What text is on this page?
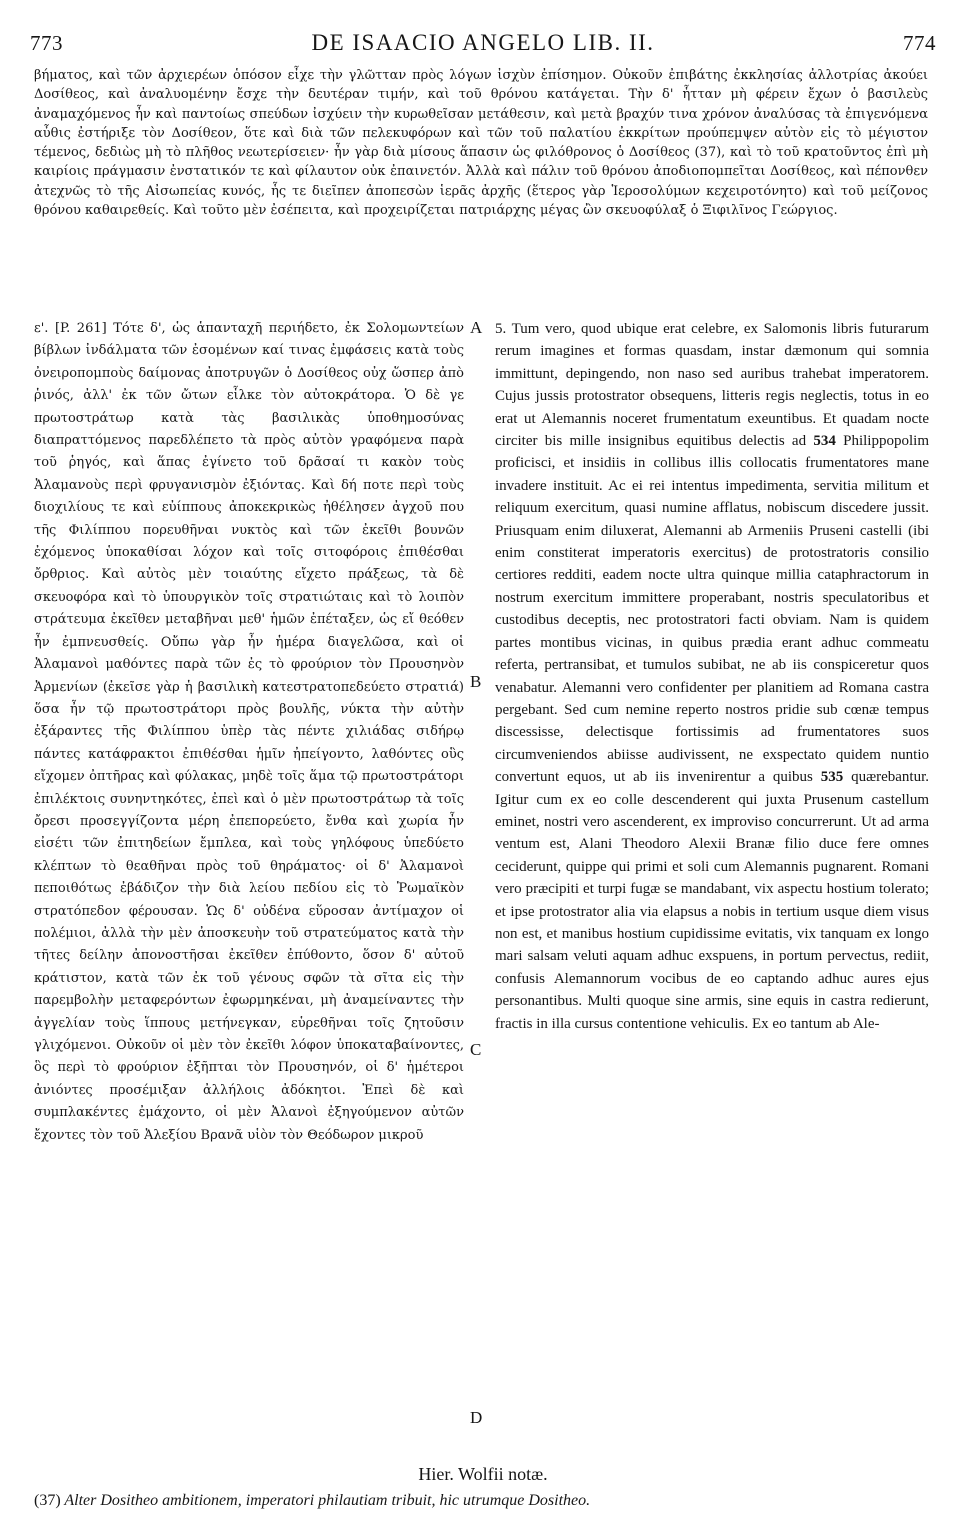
773	DE ISAACIO ANGELO LIB. II.	774

βήματος, καὶ τῶν ἀρχιερέων ὁπόσον εἶχε τὴν γλῶτταν πρὸς λόγων ἰσχὺν ἐπίσημον. Οὐκοῦν ἐπιβάτης ἐκκλησίας ἀλλοτρίας ἀκούει Δοσίθεος, καὶ ἀναλυομένην ἔσχε τὴν δευτέραν τιμήν, καὶ τοῦ θρόνου κατάγεται. Τὴν δ' ἧτταν μὴ φέρειν ἔχων ὁ βασιλεὺς ἀναμαχόμενος ἦν καὶ παντοίως σπεύδων ἰσχύειν τὴν κυρωθεῖσαν μετάθεσιν, καὶ μετὰ βραχύν τινα χρόνον ἀναλύσας τὰ ἐπιγενόμενα αὖθις ἐστήριξε τὸν Δοσίθεον, ὅτε καὶ διὰ τῶν πελεκυφόρων καὶ τῶν τοῦ παλατίου ἐκκρίτων προύπεμψεν αὐτὸν εἰς τὸ μέγιστον τέμενος, δεδιὼς μὴ τὸ πλῆθος νεωτερίσειεν· ἦν γὰρ διὰ μίσους ἅπασιν ὡς φιλόθρονος ὁ Δοσίθεος (37), καὶ τὸ τοῦ κρατοῦντος ἐπὶ μὴ καιρίοις πράγμασιν ἐνστατικόν τε καὶ φίλαυτον οὐκ ἐπαινετόν. Ἀλλὰ καὶ πάλιν τοῦ θρόνου ἀποδιοπομπεῖται Δοσίθεος, καὶ πέπονθεν ἀτεχνῶς τὸ τῆς Αἰσωπείας κυνός, ἧς τε διεῖπεν ἀποπεσὼν ἱερᾶς ἀρχῆς (ἕτερος γὰρ Ἱεροσολύμων κεχειροτόνητο) καὶ τοῦ μείζονος θρόνου καθαιρεθείς. Καὶ τοῦτο μὲν ἐσέπειτα, καὶ προχειρίζεται πατριάρχης μέγας ὢν σκευοφύλαξ ὁ Ξιφιλῖνος Γεώργιος.

ε'. [P. 261] Τότε δ', ὡς ἁπανταχῆ περιήδετο, ἐκ Σολομωντείων βίβλων ἰνδάλματα τῶν ἐσομένων καί τινας ἐμφάσεις κατὰ τοὺς ὀνειροπομποὺς δαίμονας ἀποτρυγῶν ὁ Δοσίθεος οὐχ ὥσπερ ἀπὸ ῥινός, ἀλλ' ἐκ τῶν ὤτων εἷλκε τὸν αὐτοκράτορα. Ὁ δὲ γε πρωτοστράτωρ κατὰ τὰς βασιλικὰς ὑποθημοσύνας διαπραττόμενος παρεδλέπετο τὰ πρὸς αὐτὸν γραφόμενα παρὰ τοῦ ῥηγός, καὶ ἅπας ἐγίνετο τοῦ δρᾶσαί τι κακὸν τοὺς Ἀλαμανοὺς περὶ φρυγανισμὸν ἐξιόντας. Καὶ δή ποτε περὶ τοὺς διοχιλίους τε καὶ εὐίππους ἀποκεκρικὼς ἠθέλησεν ἀγχοῦ που τῆς Φιλίππου πορευθῆναι νυκτὸς καὶ τῶν ἐκεῖθι βουνῶν ἐχόμενος ὑποκαθίσαι λόχον καὶ τοῖς σιτοφόροις ἐπιθέσθαι ὄρθριος. Καὶ αὐτὸς μὲν τοιαύτης εἴχετο πράξεως, τὰ δὲ σκευοφόρα καὶ τὸ ὑπουργικὸν τοῖς στρατιώταις καὶ τὸ λοιπὸν στράτευμα ἐκεῖθεν μεταβῆναι μεθ' ἡμῶν ἐπέταξεν, ὡς εἴ θεόθεν ἦν ἐμπνευσθείς. Οὔπω γὰρ ἦν ἡμέρα διαγελῶσα, καὶ οἱ Ἀλαμανοὶ μαθόντες παρὰ τῶν ἐς τὸ φρούριον τὸν Προυσηνὸν Ἀρμενίων (ἐκεῖσε γὰρ ἡ βασιλικὴ κατεστρατοπεδεύετο στρατιά) ὅσα ἦν τῷ πρωτοστράτορι πρὸς βουλῆς, νύκτα τὴν αὐτὴν ἐξάραντες τῆς Φιλίππου ὑπὲρ τὰς πέντε χιλιάδας σιδήρῳ πάντες κατάφρακτοι ἐπιθέσθαι ἡμῖν ἠπείγοντο, λαθόντες οὓς εἴχομεν ὀπτῆρας καὶ φύλακας, μηδὲ τοῖς ἅμα τῷ πρωτοστράτορι ἐπιλέκτοις συνηντηκότες, ἐπεὶ καὶ ὁ μὲν πρωτοστράτωρ τὰ τοῖς ὄρεσι προσεγγίζοντα μέρη ἐπεπορεύετο, ἔνθα καὶ χωρία ἦν εἰσέτι τῶν ἐπιτηδείων ἔμπλεα, καὶ τοὺς γηλόφους ὑπεδύετο κλέπτων τὸ θεαθῆναι πρὸς τοῦ θηράματος· οἱ δ' Ἀλαμανοὶ πεποιθότως ἐβάδιζον τὴν διὰ λείου πεδίου εἰς τὸ Ῥωμαϊκὸν στρατόπεδον φέρουσαν. Ὡς δ' οὐδένα εὕροσαν ἀντίμαχον οἱ πολέμιοι, ἀλλὰ τὴν μὲν ἀποσκευὴν τοῦ στρατεύματος κατὰ τὴν τῆτες δείλην ἀπονοστῆσαι ἐκεῖθεν ἐπύθοντο, ὅσον δ' αὐτοῦ κράτιστον, κατὰ τῶν ἐκ τοῦ γένους σφῶν τὰ σῖτα εἰς τὴν παρεμβολὴν μεταφερόντων ἐφωρμηκέναι, μὴ ἀναμείναντες τὴν ἀγγελίαν τοὺς ἵππους μετήνεγκαν, εὑρεθῆναι τοῖς ζητοῦσιν γλιχόμενοι. Οὐκοῦν οἱ μὲν τὸν ἐκεῖθι λόφον ὑποκαταβαίνοντες, ὃς περὶ τὸ φρούριον ἐξῆπται τὸν Προυσηνόν, οἱ δ' ἡμέτεροι ἀνιόντες προσέμιξαν ἀλλήλοις ἀδόκητοι. Ἐπεὶ δὲ καὶ συμπλακέντες ἐμάχοντο, οἱ μὲν Ἀλανοὶ ἐξηγούμενον αὐτῶν ἔχοντες τὸν τοῦ Ἀλεξίου Βρανᾶ υἱὸν τὸν Θεόδωρον μικροῦ

5. Tum vero, quod ubique erat celebre, ex Salomonis libris futurarum rerum imagines et formas quasdam, instar dæmonum qui somnia immittunt, depingendo, non naso sed auribus trahebat imperatorem. Cujus jussis protostrator obsequens, litteris regis neglectis, totus in eo erat ut Alemannis noceret frumentatum exeuntibus. Et quadam nocte circiter bis mille insignibus equitibus delectis ad 534 Philippopolim proficisci, et insidiis in collibus illis collocatis frumentatores mane invadere instituit. Ac ei rei intentus impedimenta, servitia militum et reliquum exercitum, quasi numine afflatus, nobiscum discedere jussit. Priusquam enim diluxerat, Alemanni ab Armeniis Pruseni castelli (ibi enim constiterat imperatoris exercitus) de protostratoris consilio certiores redditi, eadem nocte ultra quinque millia cataphractorum in nostrum exercitum immittere properabant, nostris speculatoribus et custodibus deceptis, nec protostratori facti obviam. Nam is quidem partes montibus vicinas, in quibus prædia erant adhuc commeatu referta, pertransibat, et tumulos subibat, ne ab iis conspiceretur quos venabatur. Alemanni vero confidenter per planitiem ad Romana castra pergebant. Sed cum nemine reperto nostros pridie sub cœnæ tempus discessisse, delectisque fortissimis ad frumentatores suos circumveniendos abiisse audivissent, ne exspectato quidem nuntio convertunt equos, ut ab iis invenirentur a quibus 535 quærebantur. Igitur cum ex eo colle descenderent qui juxta Prusenum castellum eminet, nostri vero ascenderent, ex improviso concurrerunt. Ut ad arma ventum est, Alani Theodoro Alexii Branæ filio duce fere omnes ceciderunt, quippe qui primi et soli cum Alemannis pugnarent. Romani vero præcipiti et turpi fugæ se mandabant, vix aspectu hostium tolerato; et ipse protostrator alia via elapsus a nobis in tertium usque diem visus non est, et manibus hostium cupidissime evitatis, vix tanquam ex longo mari salsam veluti aquam adhuc exspuens, in portum pervectus, rediit, confusis Alemannorum vocibus de eo captando adhuc aures ejus personantibus. Multi quoque sine armis, sine equis in castra redierunt, fractis in illa cursus contentione vehiculis. Ex eo tantum ab Ale-

A
B
C
D
Hier. Wolfii notæ.
(37) Alter Dositheo ambitionem, imperatori philautiam tribuit, hic utrumque Dositheo.
